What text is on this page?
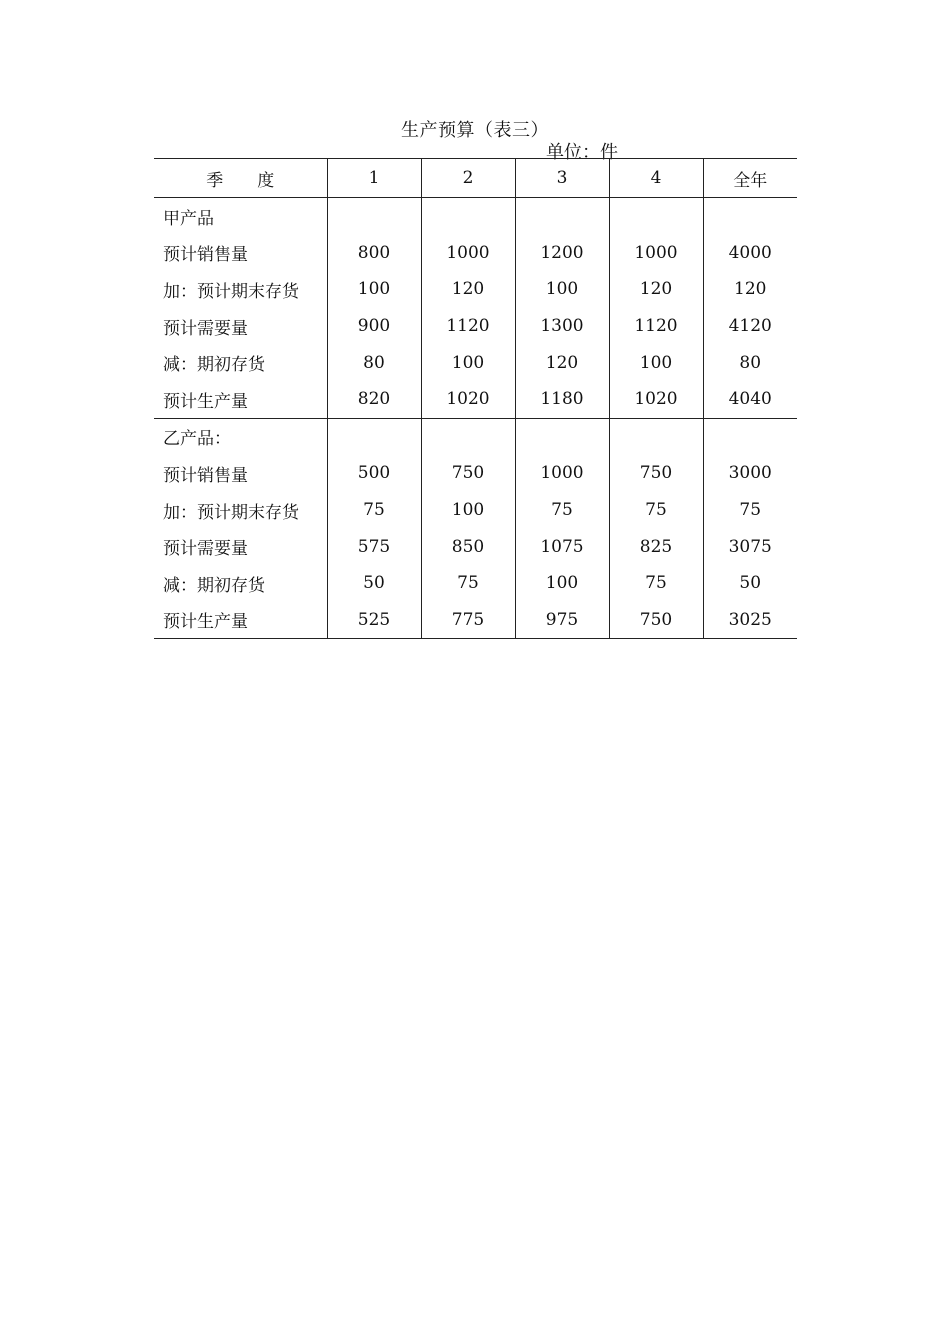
生产预算（表三）
单位：件
季　　度	1	2	3	4	全年
甲产品					
预计销售量	800	1000	1200	1000	4000
加：预计期末存货	100	120	100	120	120
预计需要量	900	1120	1300	1120	4120
减：期初存货	80	100	120	100	80
预计生产量	820	1020	1180	1020	4040
乙产品：					
预计销售量	500	750	1000	750	3000
加：预计期末存货	75	100	75	75	75
预计需要量	575	850	1075	825	3075
减：期初存货	50	75	100	75	50
预计生产量	525	775	975	750	3025
